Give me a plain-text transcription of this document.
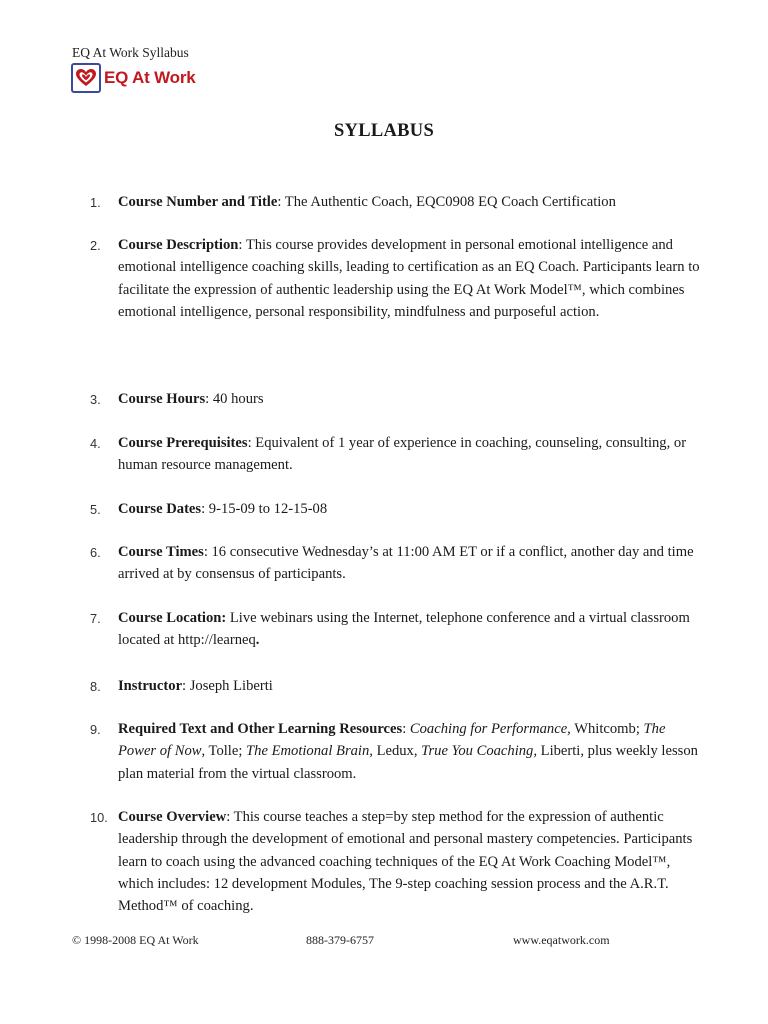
EQ At Work Syllabus
EQ At Work
SYLLABUS
1. Course Number and Title: The Authentic Coach, EQC0908 EQ Coach Certification
2. Course Description: This course provides development in personal emotional intelligence and emotional intelligence coaching skills, leading to certification as an EQ Coach. Participants learn to facilitate the expression of authentic leadership using the EQ At Work Model™, which combines emotional intelligence, personal responsibility, mindfulness and purposeful action.
3. Course Hours: 40 hours
4. Course Prerequisites: Equivalent of 1 year of experience in coaching, counseling, consulting, or human resource management.
5. Course Dates: 9-15-09 to 12-15-08
6. Course Times: 16 consecutive Wednesday’s at 11:00 AM ET or if a conflict, another day and time arrived at by consensus of participants.
7. Course Location: Live webinars using the Internet, telephone conference and a virtual classroom located at http://learneq.
8. Instructor: Joseph Liberti
9. Required Text and Other Learning Resources: Coaching for Performance, Whitcomb; The Power of Now, Tolle; The Emotional Brain, Ledux, True You Coaching, Liberti, plus weekly lesson plan material from the virtual classroom.
10. Course Overview: This course teaches a step=by step method for the expression of authentic leadership through the development of emotional and personal mastery competencies. Participants learn to coach using the advanced coaching techniques of the EQ At Work Coaching Model™, which includes: 12 development Modules, The 9-step coaching session process and the A.R.T. Method™ of coaching.
© 1998-2008 EQ At Work	888-379-6757	www.eqatwork.com
